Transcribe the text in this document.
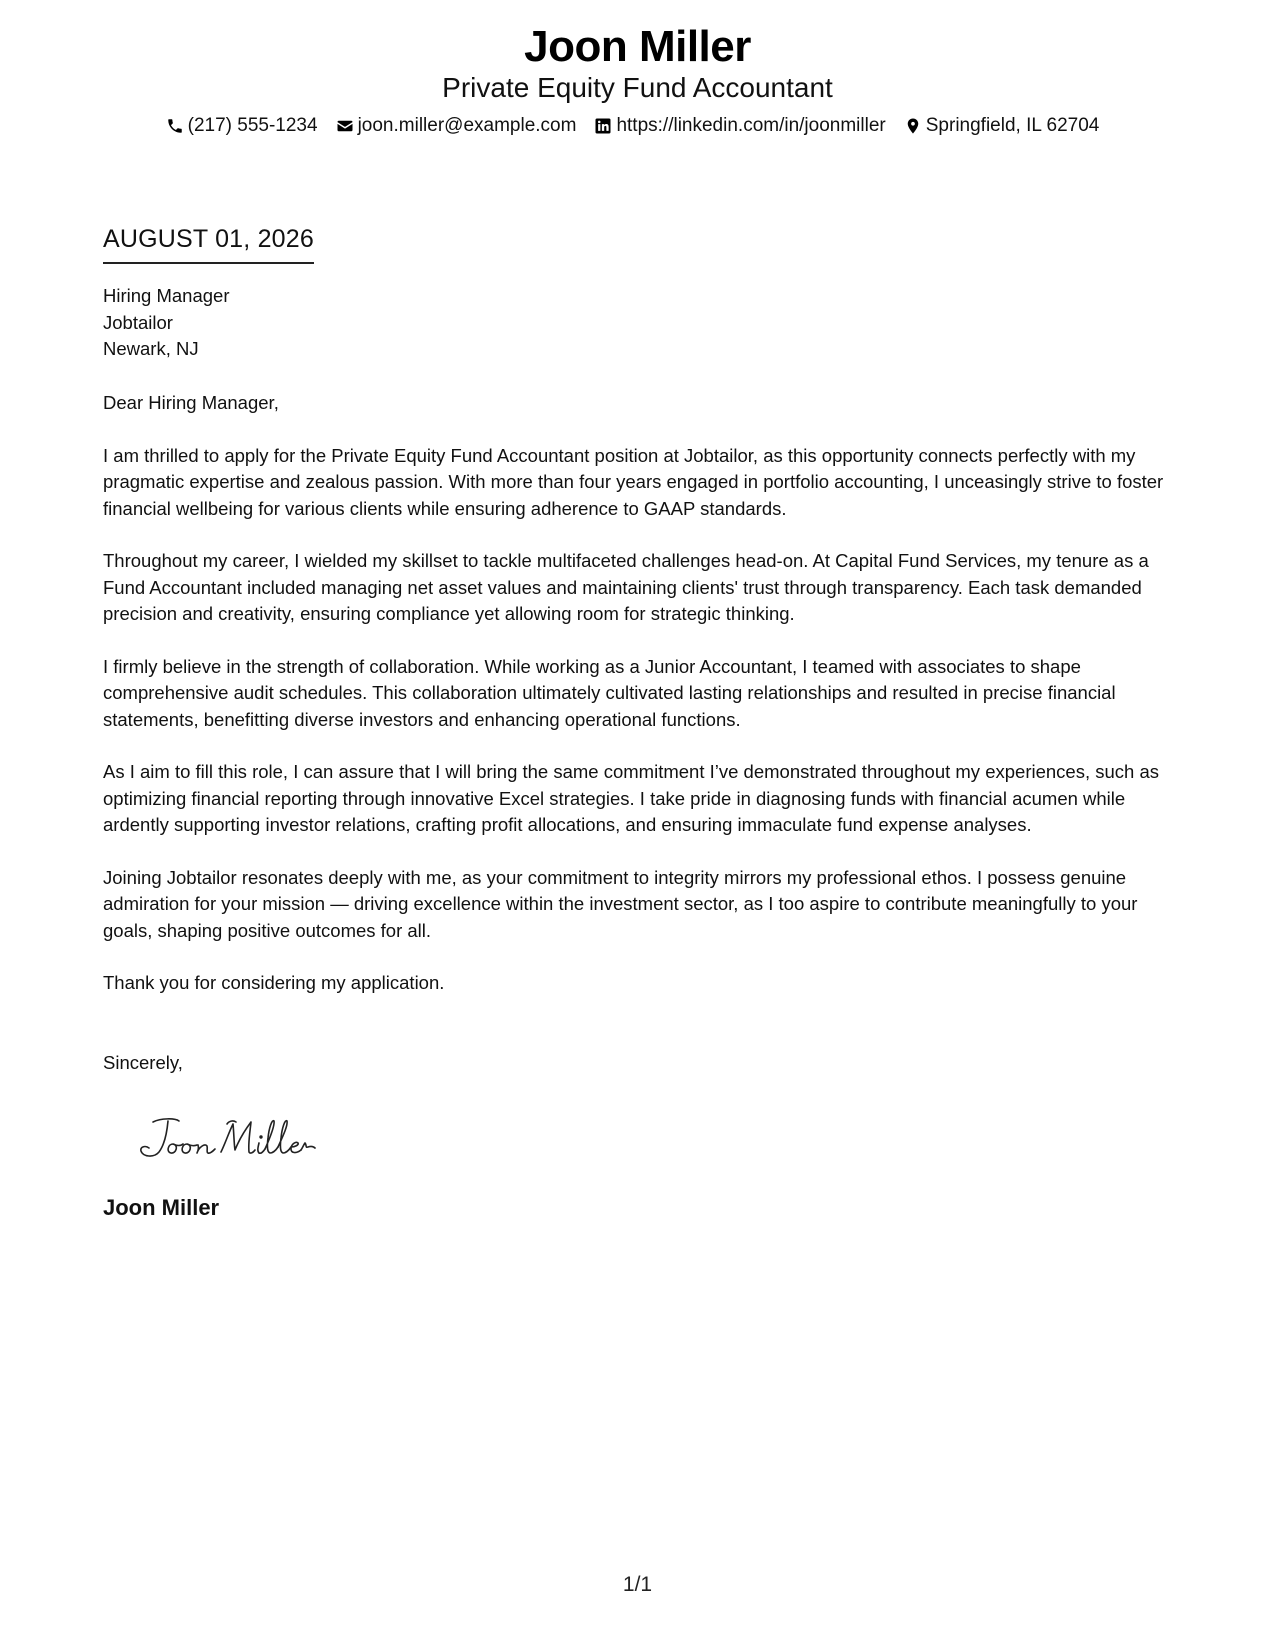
Joon Miller
Private Equity Fund Accountant
(217) 555-1234 joon.miller@example.com https://linkedin.com/in/joonmiller Springfield, IL 62704
AUGUST 01, 2026
Hiring Manager
Jobtailor
Newark, NJ

Dear Hiring Manager,

I am thrilled to apply for the Private Equity Fund Accountant position at Jobtailor, as this opportunity connects perfectly with my pragmatic expertise and zealous passion. With more than four years engaged in portfolio accounting, I unceasingly strive to foster financial wellbeing for various clients while ensuring adherence to GAAP standards.

Throughout my career, I wielded my skillset to tackle multifaceted challenges head-on. At Capital Fund Services, my tenure as a Fund Accountant included managing net asset values and maintaining clients' trust through transparency. Each task demanded precision and creativity, ensuring compliance yet allowing room for strategic thinking.

I firmly believe in the strength of collaboration. While working as a Junior Accountant, I teamed with associates to shape comprehensive audit schedules. This collaboration ultimately cultivated lasting relationships and resulted in precise financial statements, benefitting diverse investors and enhancing operational functions.

As I aim to fill this role, I can assure that I will bring the same commitment I’ve demonstrated throughout my experiences, such as optimizing financial reporting through innovative Excel strategies. I take pride in diagnosing funds with financial acumen while ardently supporting investor relations, crafting profit allocations, and ensuring immaculate fund expense analyses.

Joining Jobtailor resonates deeply with me, as your commitment to integrity mirrors my professional ethos. I possess genuine admiration for your mission — driving excellence within the investment sector, as I too aspire to contribute meaningfully to your goals, shaping positive outcomes for all.

Thank you for considering my application.

Sincerely,
Joon Miller
1/1
